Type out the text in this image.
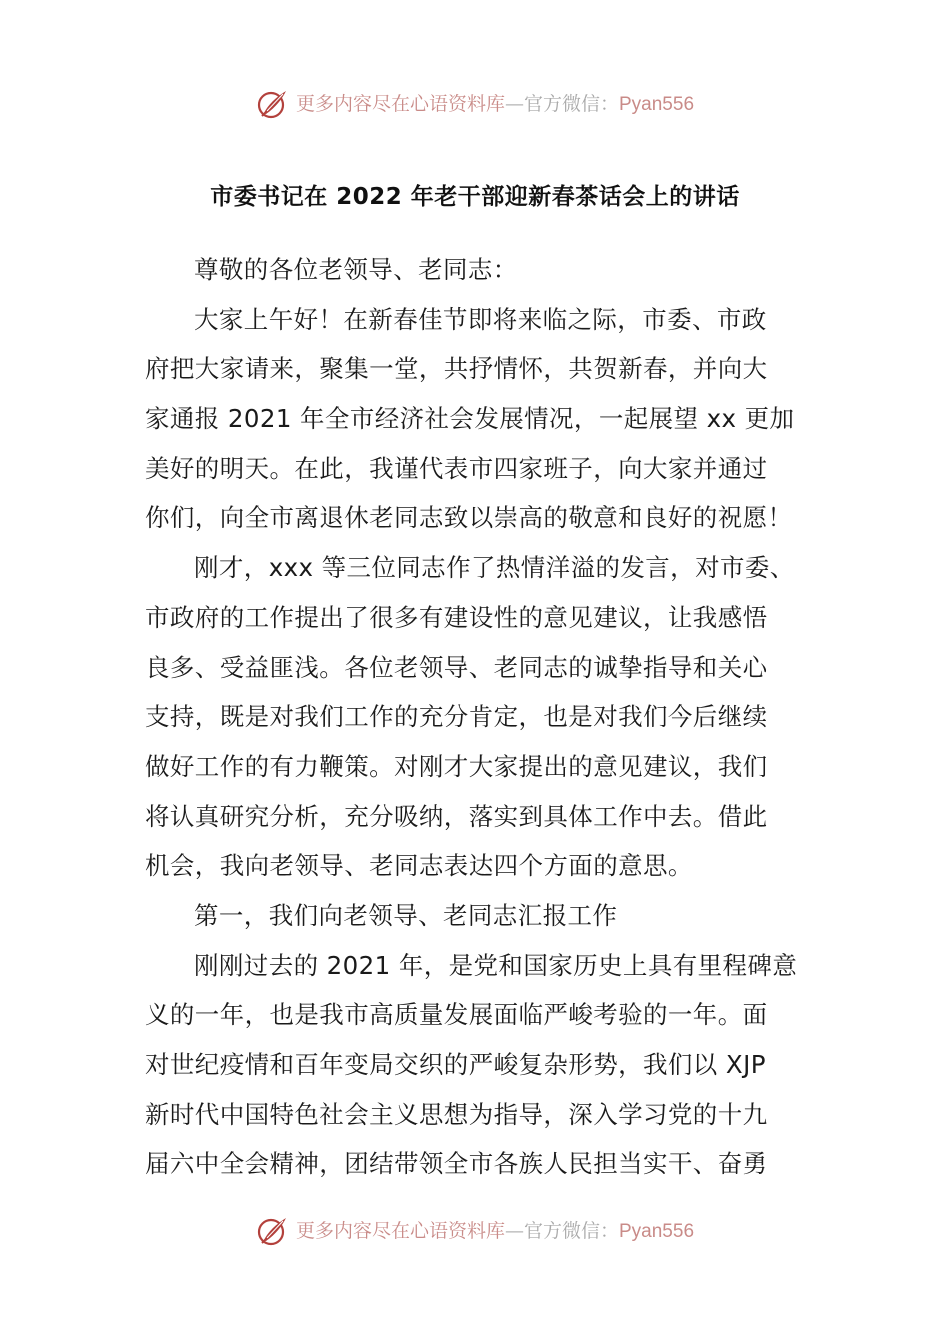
更多内容尽在心语资料库 — 官方微信： Pyan556
市委书记在 2022 年老干部迎新春茶话会上的讲话
尊敬的各位老领导、老同志：
大家上午好！在新春佳节即将来临之际，市委、市政
府把大家请来，聚集一堂，共抒情怀，共贺新春，并向大
家通报 2021 年全市经济社会发展情况，一起展望 xx 更加
美好的明天。在此，我谨代表市四家班子，向大家并通过
你们，向全市离退休老同志致以崇高的敬意和良好的祝愿！
刚才，xxx 等三位同志作了热情洋溢的发言，对市委、
市政府的工作提出了很多有建设性的意见建议，让我感悟
良多、受益匪浅。各位老领导、老同志的诚挚指导和关心
支持，既是对我们工作的充分肯定，也是对我们今后继续
做好工作的有力鞭策。对刚才大家提出的意见建议，我们
将认真研究分析，充分吸纳，落实到具体工作中去。借此
机会，我向老领导、老同志表达四个方面的意思。
第一，我们向老领导、老同志汇报工作
刚刚过去的 2021 年，是党和国家历史上具有里程碑意
义的一年，也是我市高质量发展面临严峻考验的一年。面
对世纪疫情和百年变局交织的严峻复杂形势，我们以 XJP
新时代中国特色社会主义思想为指导，深入学习党的十九
届六中全会精神，团结带领全市各族人民担当实干、奋勇
更多内容尽在心语资料库 — 官方微信： Pyan556
